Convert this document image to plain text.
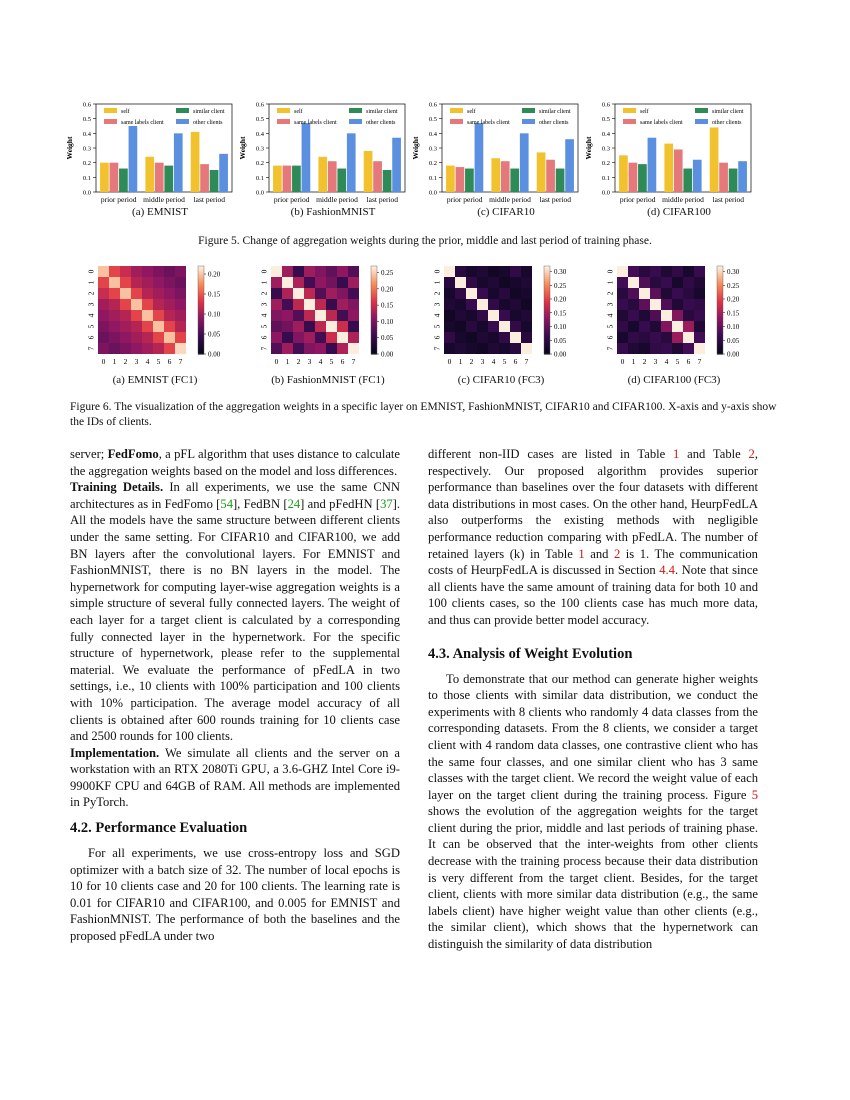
0.0
0.1
0.2
0.3
0.4
0.5
0.6
Weight
prior period middle period last period
self
same labels client
similar client
other clients
0.0
0.1
0.2
0.3
0.4
0.5
0.6
Weight
prior period middle period last period
self
same labels client
similar client
other clients
0.0
0.1
0.2
0.3
0.4
0.5
0.6
Weight
prior period middle period last period
self
same labels client
similar client
other clients
0.0
0.1
0.2
0.3
0.4
0.5
0.6
Weight
prior period middle period last period
self
same labels client
similar client
other clients
(a) EMNIST	(b) FashionMNIST	(c) CIFAR10	(d) CIFAR100
Figure 5. Change of aggregation weights during the prior, middle and last period of training phase.
0
0
1
1
2
2
3
3
4
4
5
5
6
6
7
7
0.20
0.15
0.10
0.05
0.00
0
0
1
1
2
2
3
3
4
4
5
5
6
6
7
7
0.25
0.20
0.15
0.10
0.05
0.00
0
0
1
1
2
2
3
3
4
4
5
5
6
6
7
7
0.30
0.25
0.20
0.15
0.10
0.05
0.00
0
0
1
1
2
2
3
3
4
4
5
5
6
6
7
7
0.30
0.25
0.20
0.15
0.10
0.05
0.00
(a) EMNIST (FC1)	(b) FashionMNIST (FC1)	(c) CIFAR10 (FC3)	(d) CIFAR100 (FC3)
Figure 6. The visualization of the aggregation weights in a specific layer on EMNIST, FashionMNIST, CIFAR10 and CIFAR100. X-axis and y-axis show the IDs of clients.

server; FedFomo, a pFL algorithm that uses distance to calculate the aggregation weights based on the model and loss differences.

Training Details. In all experiments, we use the same CNN architectures as in FedFomo [54], FedBN [24] and pFedHN [37]. All the models have the same structure between different clients under the same setting. For CIFAR10 and CIFAR100, we add BN layers after the convolutional layers. For EMNIST and FashionMNIST, there is no BN layers in the model. The hypernetwork for computing layer-wise aggregation weights is a simple structure of several fully connected layers. The weight of each layer for a target client is calculated by a corresponding fully connected layer in the hypernetwork. For the specific structure of hypernetwork, please refer to the supplemental material. We evaluate the performance of pFedLA in two settings, i.e., 10 clients with 100% participation and 100 clients with 10% participation. The average model accuracy of all clients is obtained after 600 rounds training for 10 clients case and 2500 rounds for 100 clients.

Implementation. We simulate all clients and the server on a workstation with an RTX 2080Ti GPU, a 3.6-GHZ Intel Core i9-9900KF CPU and 64GB of RAM. All methods are implemented in PyTorch.

4.2. Performance Evaluation

For all experiments, we use cross-entropy loss and SGD optimizer with a batch size of 32. The number of local epochs is 10 for 10 clients case and 20 for 100 clients. The learning rate is 0.01 for CIFAR10 and CIFAR100, and 0.005 for EMNIST and FashionMNIST. The performance of both the baselines and the proposed pFedLA under two

different non-IID cases are listed in Table 1 and Table 2, respectively. Our proposed algorithm provides superior performance than baselines over the four datasets with different data distributions in most cases. On the other hand, HeurpFedLA also outperforms the existing methods with negligible performance reduction comparing with pFedLA. The number of retained layers (k) in Table 1 and 2 is 1. The communication costs of HeurpFedLA is discussed in Section 4.4. Note that since all clients have the same amount of training data for both 10 and 100 clients cases, so the 100 clients case has much more data, and thus can provide better model accuracy.

4.3. Analysis of Weight Evolution

To demonstrate that our method can generate higher weights to those clients with similar data distribution, we conduct the experiments with 8 clients who randomly 4 data classes from the corresponding datasets. From the 8 clients, we consider a target client with 4 random data classes, one contrastive client who has the same four classes, and one similar client who has 3 same classes with the target client. We record the weight value of each layer on the target client during the training process. Figure 5 shows the evolution of the aggregation weights for the target client during the prior, middle and last periods of training phase. It can be observed that the inter-weights from other clients decrease with the training process because their data distribution is very different from the target client. Besides, for the target client, clients with more similar data distribution (e.g., the same labels client) have higher weight value than other clients (e.g., the similar client), which shows that the hypernetwork can distinguish the similarity of data distribution
